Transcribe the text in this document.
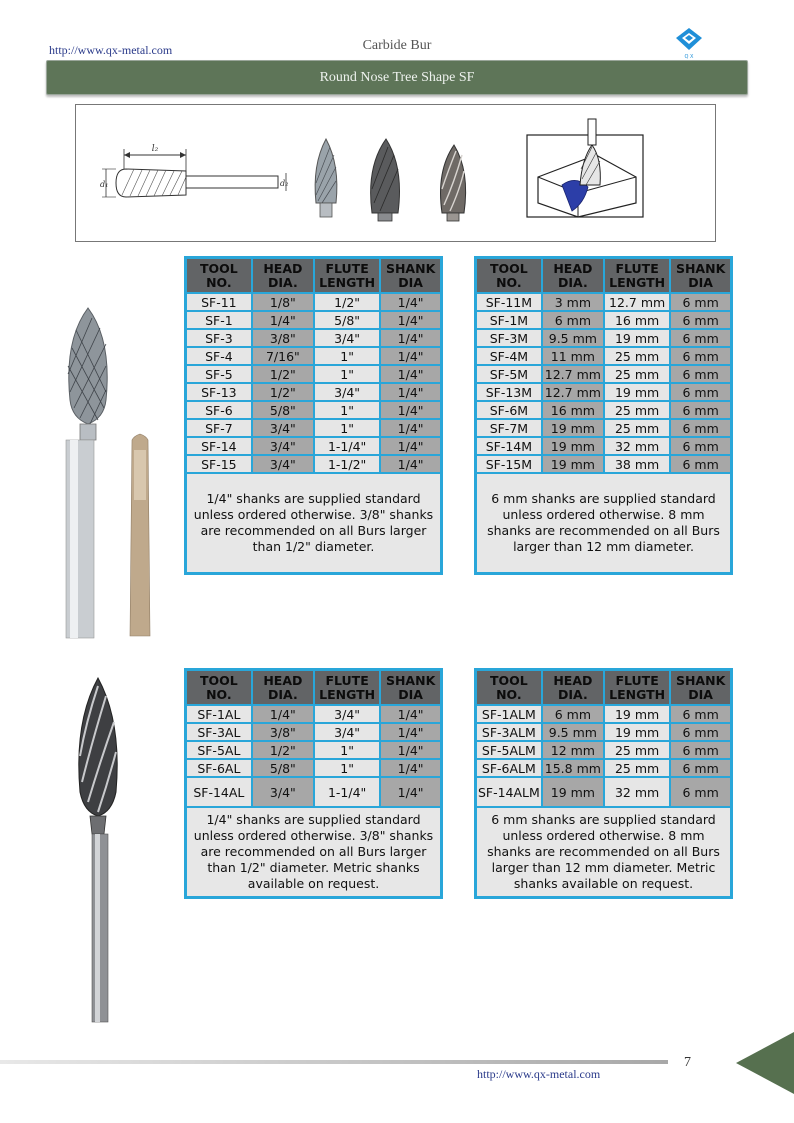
http://www.qx-metal.com	Carbide Bur
Q X
Round Nose Tree Shape SF
l₂
d₁	d₂
TOOL
NO.	HEAD
DIA.	FLUTE
LENGTH	SHANK
DIA
SF-11	1/8"	1/2"	1/4"
SF-1	1/4"	5/8"	1/4"
SF-3	3/8"	3/4"	1/4"
SF-4	7/16"	1"	1/4"
SF-5	1/2"	1"	1/4"
SF-13	1/2"	3/4"	1/4"
SF-6	5/8"	1"	1/4"
SF-7	3/4"	1"	1/4"
SF-14	3/4"	1-1/4"	1/4"
SF-15	3/4"	1-1/2"	1/4"
1/4" shanks are supplied standard unless ordered otherwise. 3/8" shanks are recommended on all Burs larger than 1/2" diameter.			
TOOL
NO.	HEAD
DIA.	FLUTE
LENGTH	SHANK
DIA
SF-11M	3 mm	12.7 mm	6 mm
SF-1M	6 mm	16 mm	6 mm
SF-3M	9.5 mm	19 mm	6 mm
SF-4M	11 mm	25 mm	6 mm
SF-5M	12.7 mm	25 mm	6 mm
SF-13M	12.7 mm	19 mm	6 mm
SF-6M	16 mm	25 mm	6 mm
SF-7M	19 mm	25 mm	6 mm
SF-14M	19 mm	32 mm	6 mm
SF-15M	19 mm	38 mm	6 mm
6 mm shanks are supplied standard unless ordered otherwise. 8 mm shanks are recommended on all Burs larger than 12 mm diameter.			
TOOL
NO.	HEAD
DIA.	FLUTE
LENGTH	SHANK
DIA
SF-1AL	1/4"	3/4"	1/4"
SF-3AL	3/8"	3/4"	1/4"
SF-5AL	1/2"	1"	1/4"
SF-6AL	5/8"	1"	1/4"
SF-14AL	3/4"	1-1/4"	1/4"
1/4" shanks are supplied standard unless ordered otherwise. 3/8" shanks are recommended on all Burs larger than 1/2" diameter. Metric shanks available on request.			
TOOL
NO.	HEAD
DIA.	FLUTE
LENGTH	SHANK
DIA
SF-1ALM	6 mm	19 mm	6 mm
SF-3ALM	9.5 mm	19 mm	6 mm
SF-5ALM	12 mm	25 mm	6 mm
SF-6ALM	15.8 mm	25 mm	6 mm
SF-14ALM	19 mm	32 mm	6 mm
6 mm shanks are supplied standard unless ordered otherwise. 8 mm shanks are recommended on all Burs larger than 12 mm diameter. Metric shanks available on request.			
7
http://www.qx-metal.com
